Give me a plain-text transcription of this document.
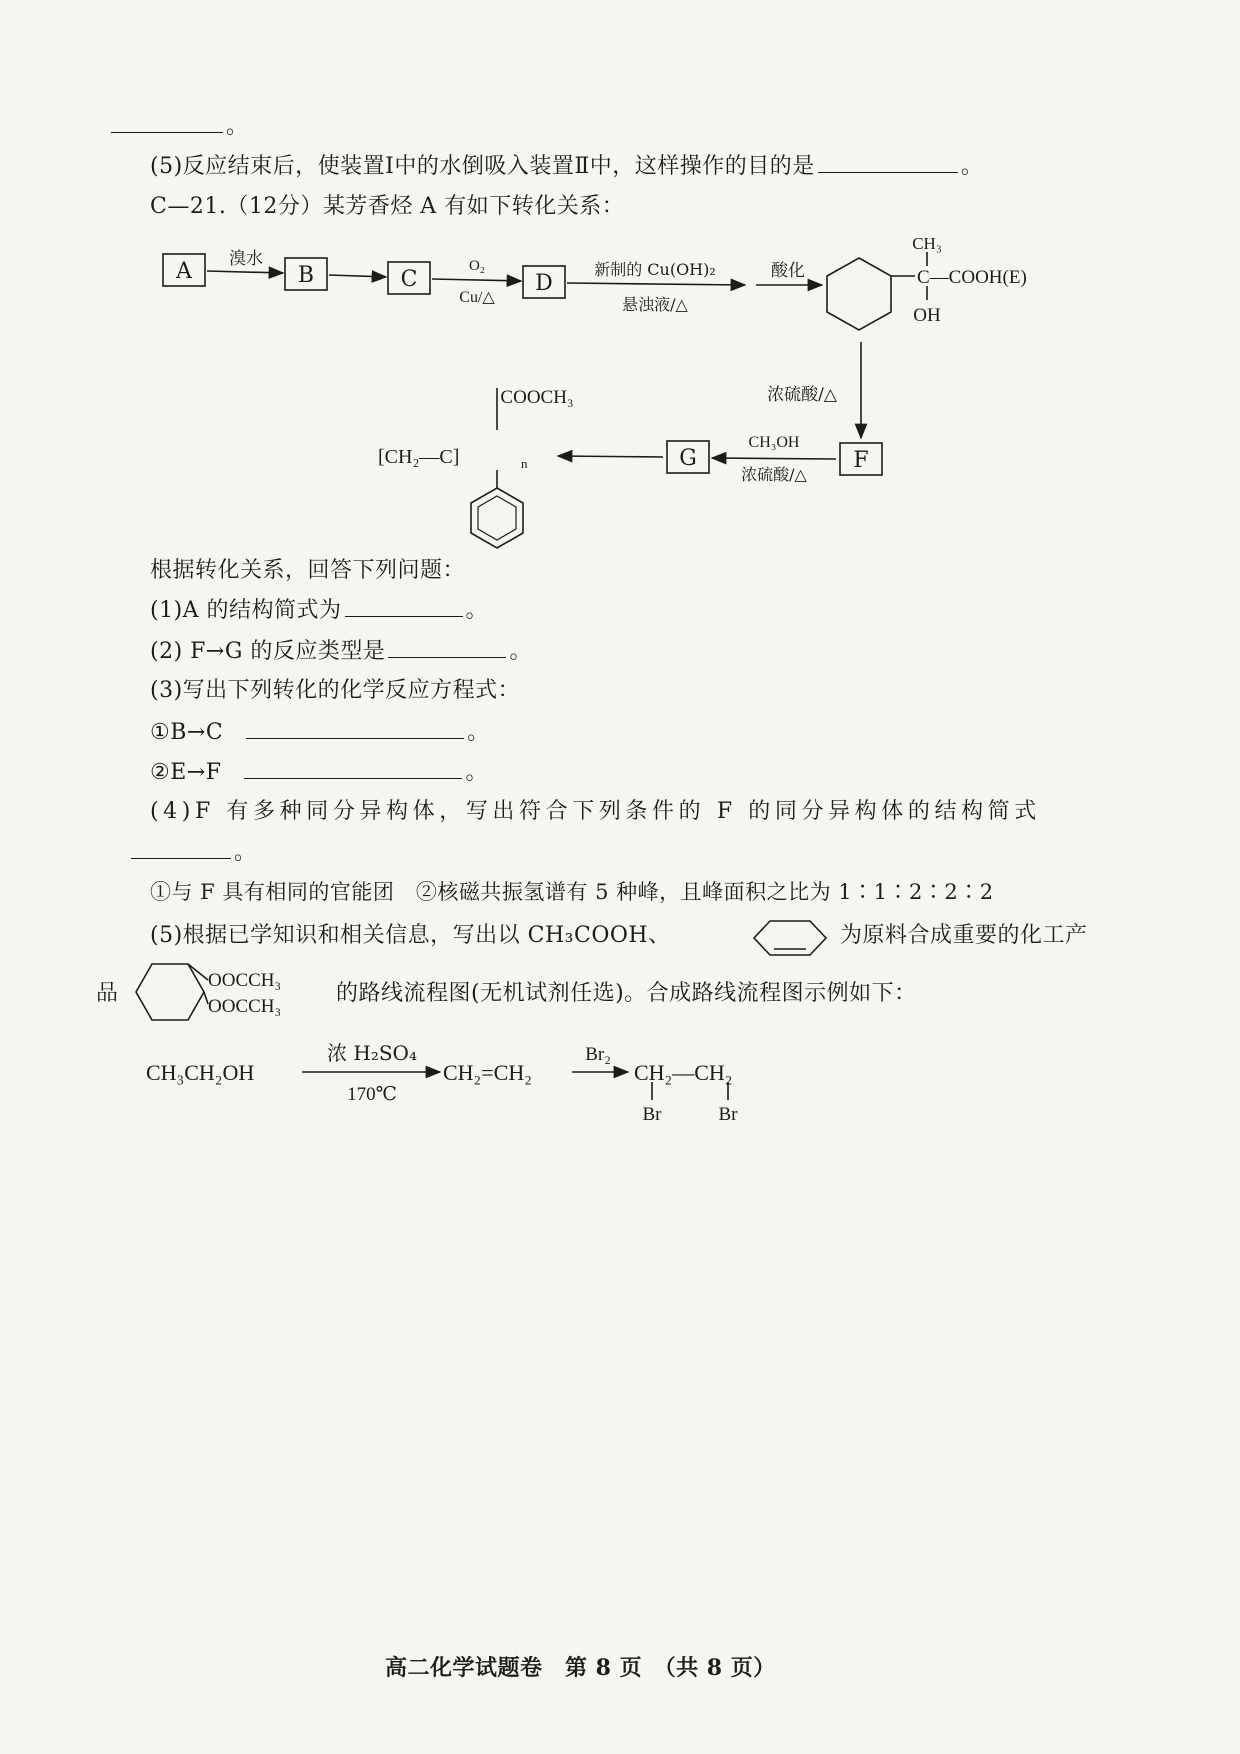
。
(5)反应结束后，使装置Ⅰ中的水倒吸入装置Ⅱ中，这样操作的目的是	。
C—21.（12分）某芳香烃 A 有如下转化关系：
A	B	C	D
F
G
溴水	O₂
Cu/△
新制的 Cu(OH)₂
悬浊液/△
酸化
浓硫酸/△
CH₃OH
浓硫酸/△
CH₃
C—COOH(E)
OH
COOCH₃
[CH₂—C]	n
根据转化关系，回答下列问题：
(1)A 的结构简式为	。
(2) F→G 的反应类型是	。
(3)写出下列转化的化学反应方程式：
①B→C	。
②E→F	。
(4)F 有多种同分异构体，写出符合下列条件的 F 的同分异构体的结构简式
。
①与 F 具有相同的官能团　②核磁共振氢谱有 5 种峰，且峰面积之比为 1∶1∶2∶2∶2
(5)根据已学知识和相关信息，写出以 CH₃COOH、	为原料合成重要的化工产
品
OOCCH₃
OOCCH₃
的路线流程图(无机试剂任选)。合成路线流程图示例如下：
CH₃CH₂OH
浓 H₂SO₄
170℃
CH₂=CH₂
Br₂
CH₂—CH₂
Br	Br
高二化学试题卷　第 8 页　（共 8 页）
